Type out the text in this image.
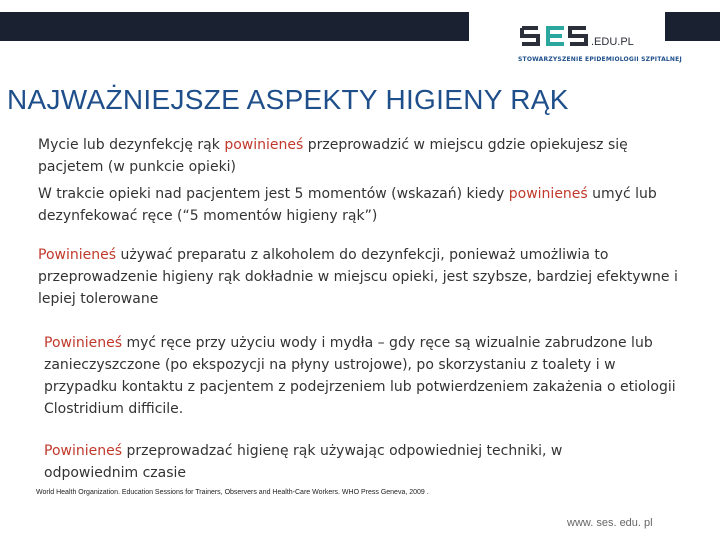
.EDU.PL
STOWARZYSZENIE EPIDEMIOLOGII SZPITALNEJ
NAJWAŻNIEJSZE ASPEKTY HIGIENY RĄK

Mycie lub dezynfekcję rąk powinieneś przeprowadzić w miejscu gdzie opiekujesz się pacjetem (w punkcie opieki)

W trakcie opieki nad pacjentem jest 5 momentów (wskazań) kiedy powinieneś umyć lub dezynfekować ręce (“5 momentów higieny rąk”)

Powinieneś używać preparatu z alkoholem do dezynfekcji, ponieważ umożliwia to przeprowadzenie higieny rąk dokładnie w miejscu opieki, jest szybsze, bardziej efektywne i lepiej tolerowane

Powinieneś myć ręce przy użyciu wody i mydła – gdy ręce są wizualnie zabrudzone lub zanieczyszczone (po ekspozycji na płyny ustrojowe), po skorzystaniu z toalety i w przypadku kontaktu z pacjentem z podejrzeniem lub potwierdzeniem zakażenia o etiologii Clostridium difficile.

Powinieneś przeprowadzać higienę rąk używając odpowiedniej techniki, w odpowiednim czasie

World Health Organization. Education Sessions for Trainers, Observers and Health-Care Workers. WHO Press Geneva, 2009 .
www. ses. edu. pl
